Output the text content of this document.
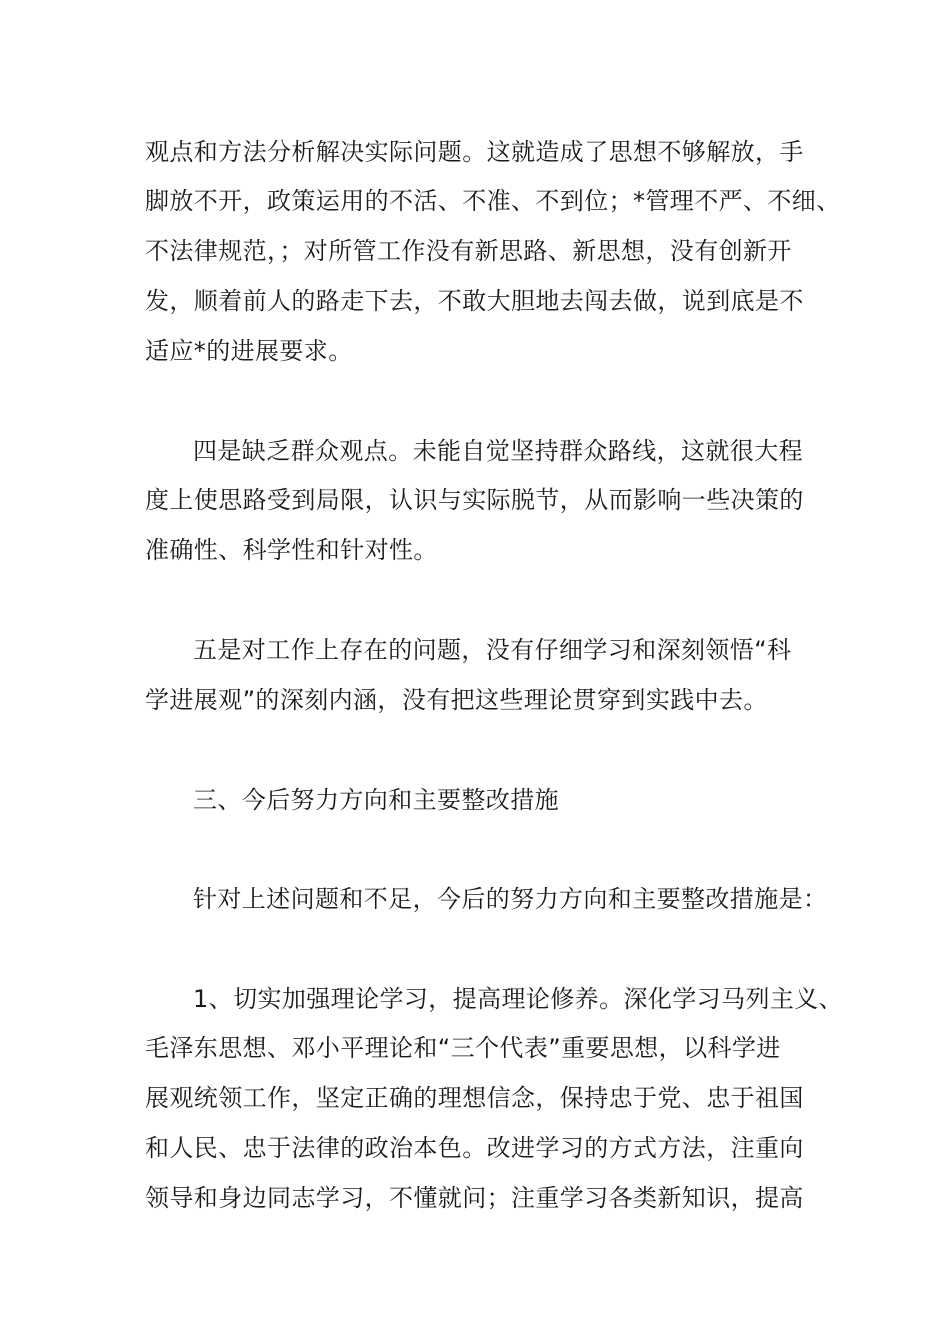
观点和方法分析解决实际问题。这就造成了思想不够解放，手
脚放不开，政策运用的不活、不准、不到位；*管理不严、不细、
不法律规范，；对所管工作没有新思路、新思想，没有创新开
发，顺着前人的路走下去，不敢大胆地去闯去做，说到底是不
适应*的进展要求。
四是缺乏群众观点。未能自觉坚持群众路线，这就很大程
度上使思路受到局限，认识与实际脱节，从而影响一些决策的
准确性、科学性和针对性。
五是对工作上存在的问题，没有仔细学习和深刻领悟“科
学进展观”的深刻内涵，没有把这些理论贯穿到实践中去。
三、今后努力方向和主要整改措施
针对上述问题和不足，今后的努力方向和主要整改措施是：
1、切实加强理论学习，提高理论修养。深化学习马列主义、
毛泽东思想、邓小平理论和“三个代表”重要思想，以科学进
展观统领工作，坚定正确的理想信念，保持忠于党、忠于祖国
和人民、忠于法律的政治本色。改进学习的方式方法，注重向
领导和身边同志学习，不懂就问；注重学习各类新知识，提高
